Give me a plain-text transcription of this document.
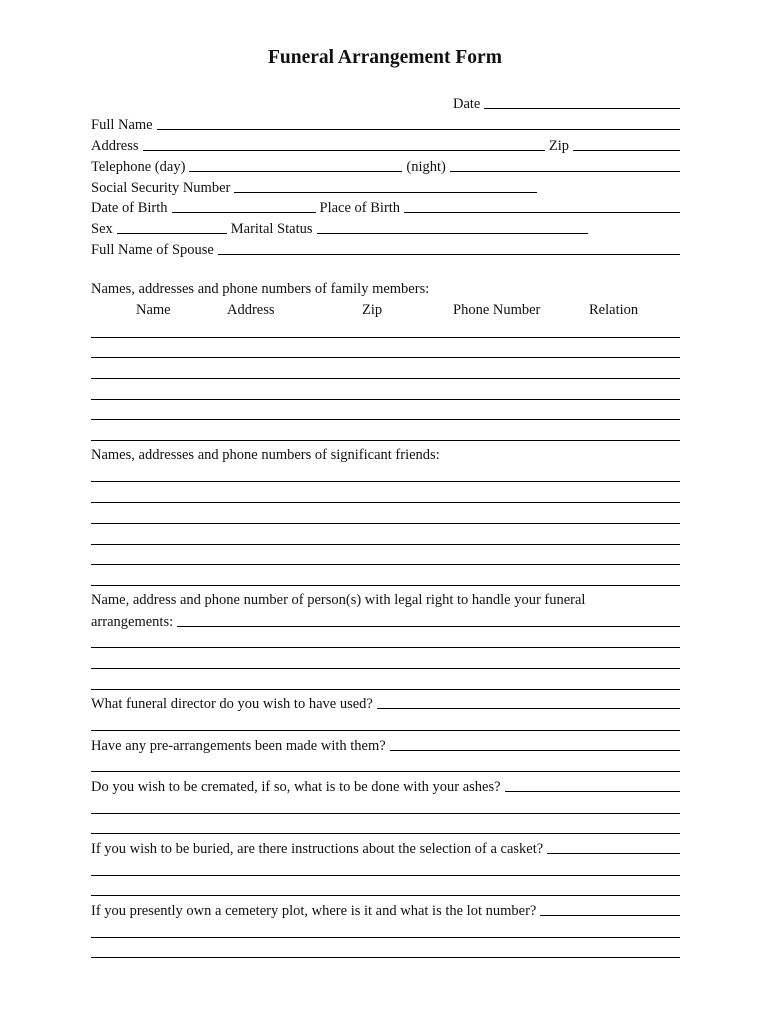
Funeral Arrangement Form
Date
Full Name
Address	Zip
Telephone (day)	(night)
Social Security Number
Date of Birth	Place of Birth
Sex	Marital Status
Full Name of Spouse
Names, addresses and phone numbers of family members:
Name	Address	Zip	Phone Number	Relation
Names, addresses and phone numbers of significant friends:
Name, address and phone number of person(s) with legal right to handle your funeral
arrangements:
What funeral director do you wish to have used?
Have any pre-arrangements been made with them?
Do you wish to be cremated, if so, what is to be done with your ashes?
If you wish to be buried, are there instructions about the selection of a casket?
If you presently own a cemetery plot, where is it and what is the lot number?
